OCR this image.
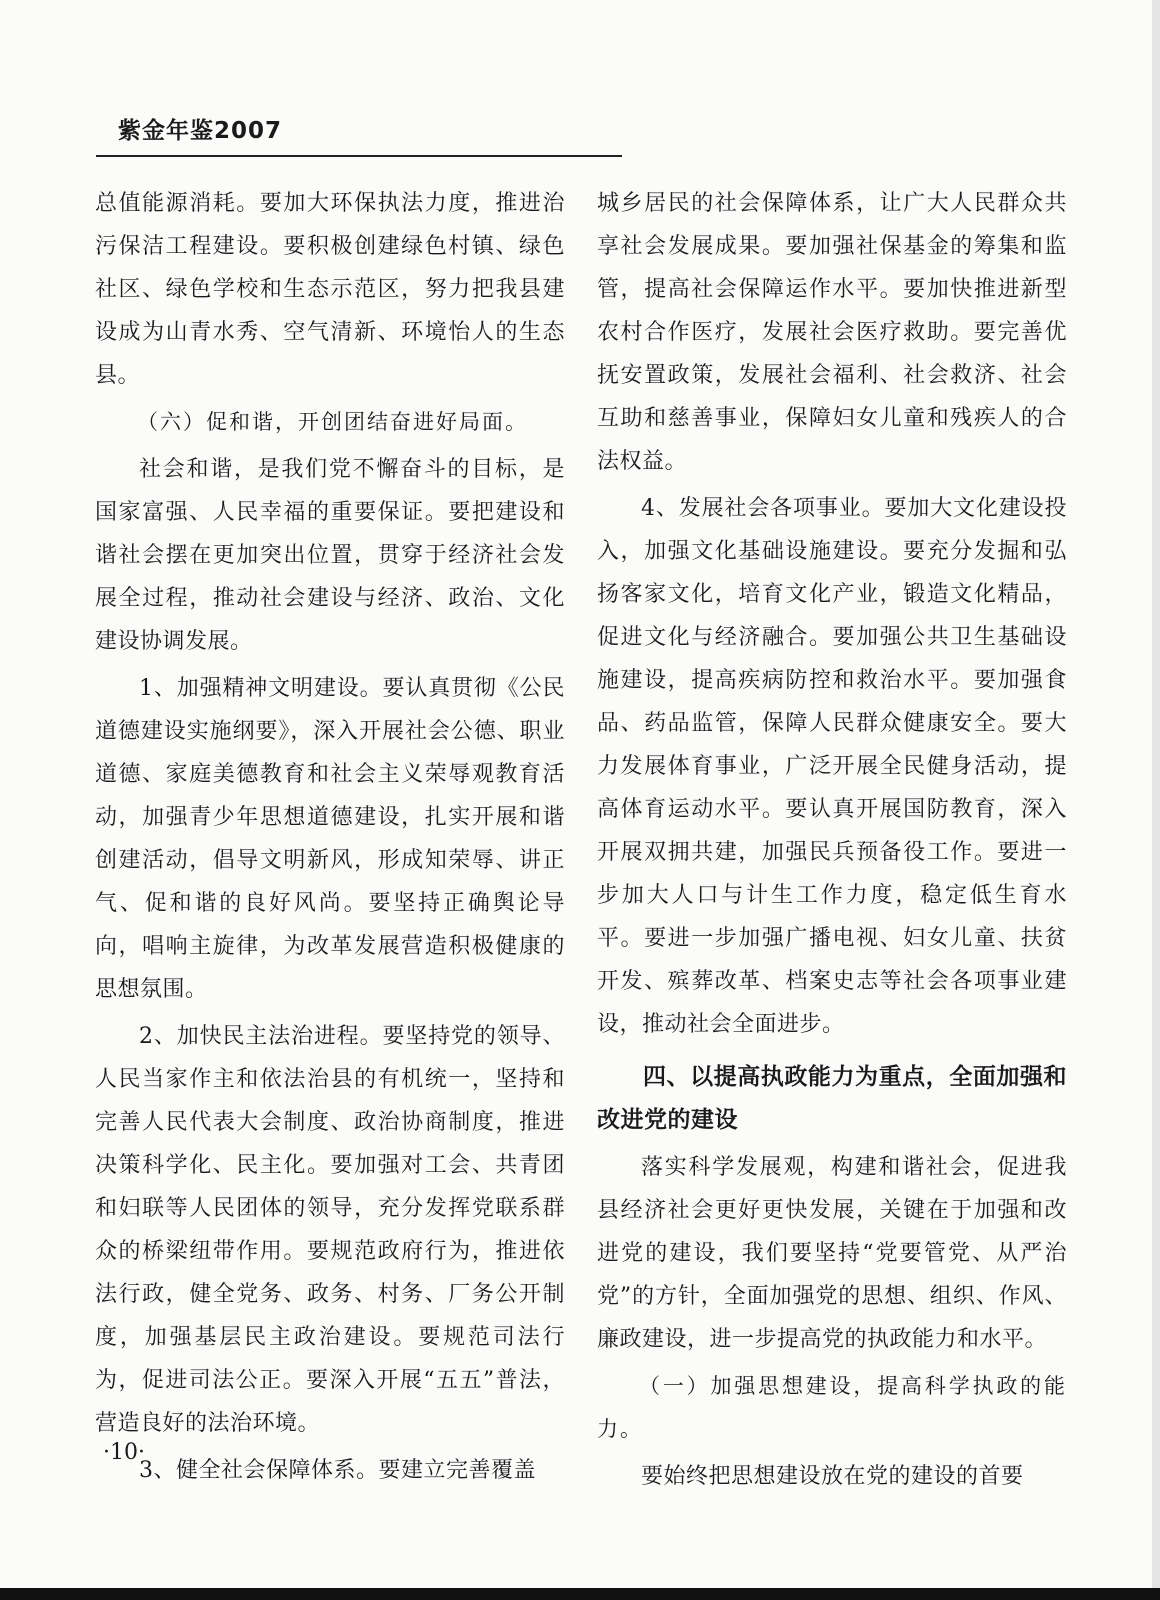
紫金年鉴2007

总值能源消耗。要加大环保执法力度，推进治污保洁工程建设。要积极创建绿色村镇、绿色社区、绿色学校和生态示范区，努力把我县建设成为山青水秀、空气清新、环境怡人的生态县。

（六）促和谐，开创团结奋进好局面。

社会和谐，是我们党不懈奋斗的目标，是国家富强、人民幸福的重要保证。要把建设和谐社会摆在更加突出位置，贯穿于经济社会发展全过程，推动社会建设与经济、政治、文化建设协调发展。

1、加强精神文明建设。要认真贯彻《公民道德建设实施纲要》，深入开展社会公德、职业道德、家庭美德教育和社会主义荣辱观教育活动，加强青少年思想道德建设，扎实开展和谐创建活动，倡导文明新风，形成知荣辱、讲正气、促和谐的良好风尚。要坚持正确舆论导向，唱响主旋律，为改革发展营造积极健康的思想氛围。

2、加快民主法治进程。要坚持党的领导、人民当家作主和依法治县的有机统一，坚持和完善人民代表大会制度、政治协商制度，推进决策科学化、民主化。要加强对工会、共青团和妇联等人民团体的领导，充分发挥党联系群众的桥梁纽带作用。要规范政府行为，推进依法行政，健全党务、政务、村务、厂务公开制度，加强基层民主政治建设。要规范司法行为，促进司法公正。要深入开展“五五”普法，营造良好的法治环境。

3、健全社会保障体系。要建立完善覆盖

城乡居民的社会保障体系，让广大人民群众共享社会发展成果。要加强社保基金的筹集和监管，提高社会保障运作水平。要加快推进新型农村合作医疗，发展社会医疗救助。要完善优抚安置政策，发展社会福利、社会救济、社会互助和慈善事业，保障妇女儿童和残疾人的合法权益。

4、发展社会各项事业。要加大文化建设投入，加强文化基础设施建设。要充分发掘和弘扬客家文化，培育文化产业，锻造文化精品，促进文化与经济融合。要加强公共卫生基础设施建设，提高疾病防控和救治水平。要加强食品、药品监管，保障人民群众健康安全。要大力发展体育事业，广泛开展全民健身活动，提高体育运动水平。要认真开展国防教育，深入开展双拥共建，加强民兵预备役工作。要进一步加大人口与计生工作力度，稳定低生育水平。要进一步加强广播电视、妇女儿童、扶贫开发、殡葬改革、档案史志等社会各项事业建设，推动社会全面进步。

四、以提高执政能力为重点，全面加强和改进党的建设

落实科学发展观，构建和谐社会，促进我县经济社会更好更快发展，关键在于加强和改进党的建设，我们要坚持“党要管党、从严治党”的方针，全面加强党的思想、组织、作风、廉政建设，进一步提高党的执政能力和水平。

（一）加强思想建设，提高科学执政的能力。

要始终把思想建设放在党的建设的首要

·10·
